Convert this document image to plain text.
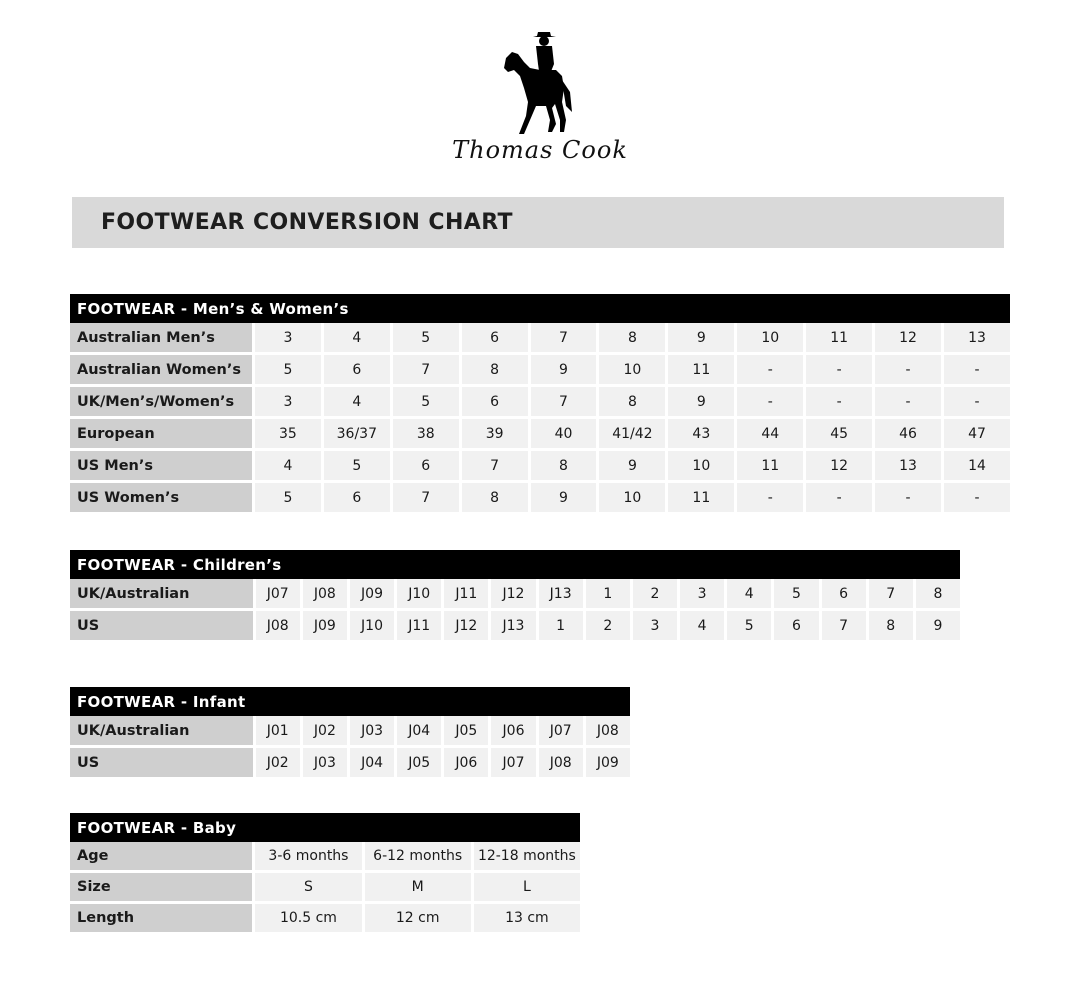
Thomas Cook
FOOTWEAR CONVERSION CHART
FOOTWEAR - Men’s & Women’s											
Australian Men’s	3	4	5	6	7	8	9	10	11	12	13
Australian Women’s	5	6	7	8	9	10	11	-	-	-	-
UK/Men’s/Women’s	3	4	5	6	7	8	9	-	-	-	-
European	35	36/37	38	39	40	41/42	43	44	45	46	47
US Men’s	4	5	6	7	8	9	10	11	12	13	14
US Women’s	5	6	7	8	9	10	11	-	-	-	-
FOOTWEAR - Children’s															
UK/Australian	J07	J08	J09	J10	J11	J12	J13	1	2	3	4	5	6	7	8
US	J08	J09	J10	J11	J12	J13	1	2	3	4	5	6	7	8	9
FOOTWEAR - Infant								
UK/Australian	J01	J02	J03	J04	J05	J06	J07	J08
US	J02	J03	J04	J05	J06	J07	J08	J09
FOOTWEAR - Baby			
Age	3-6 months	6-12 months	12-18 months
Size	S	M	L
Length	10.5 cm	12 cm	13 cm
